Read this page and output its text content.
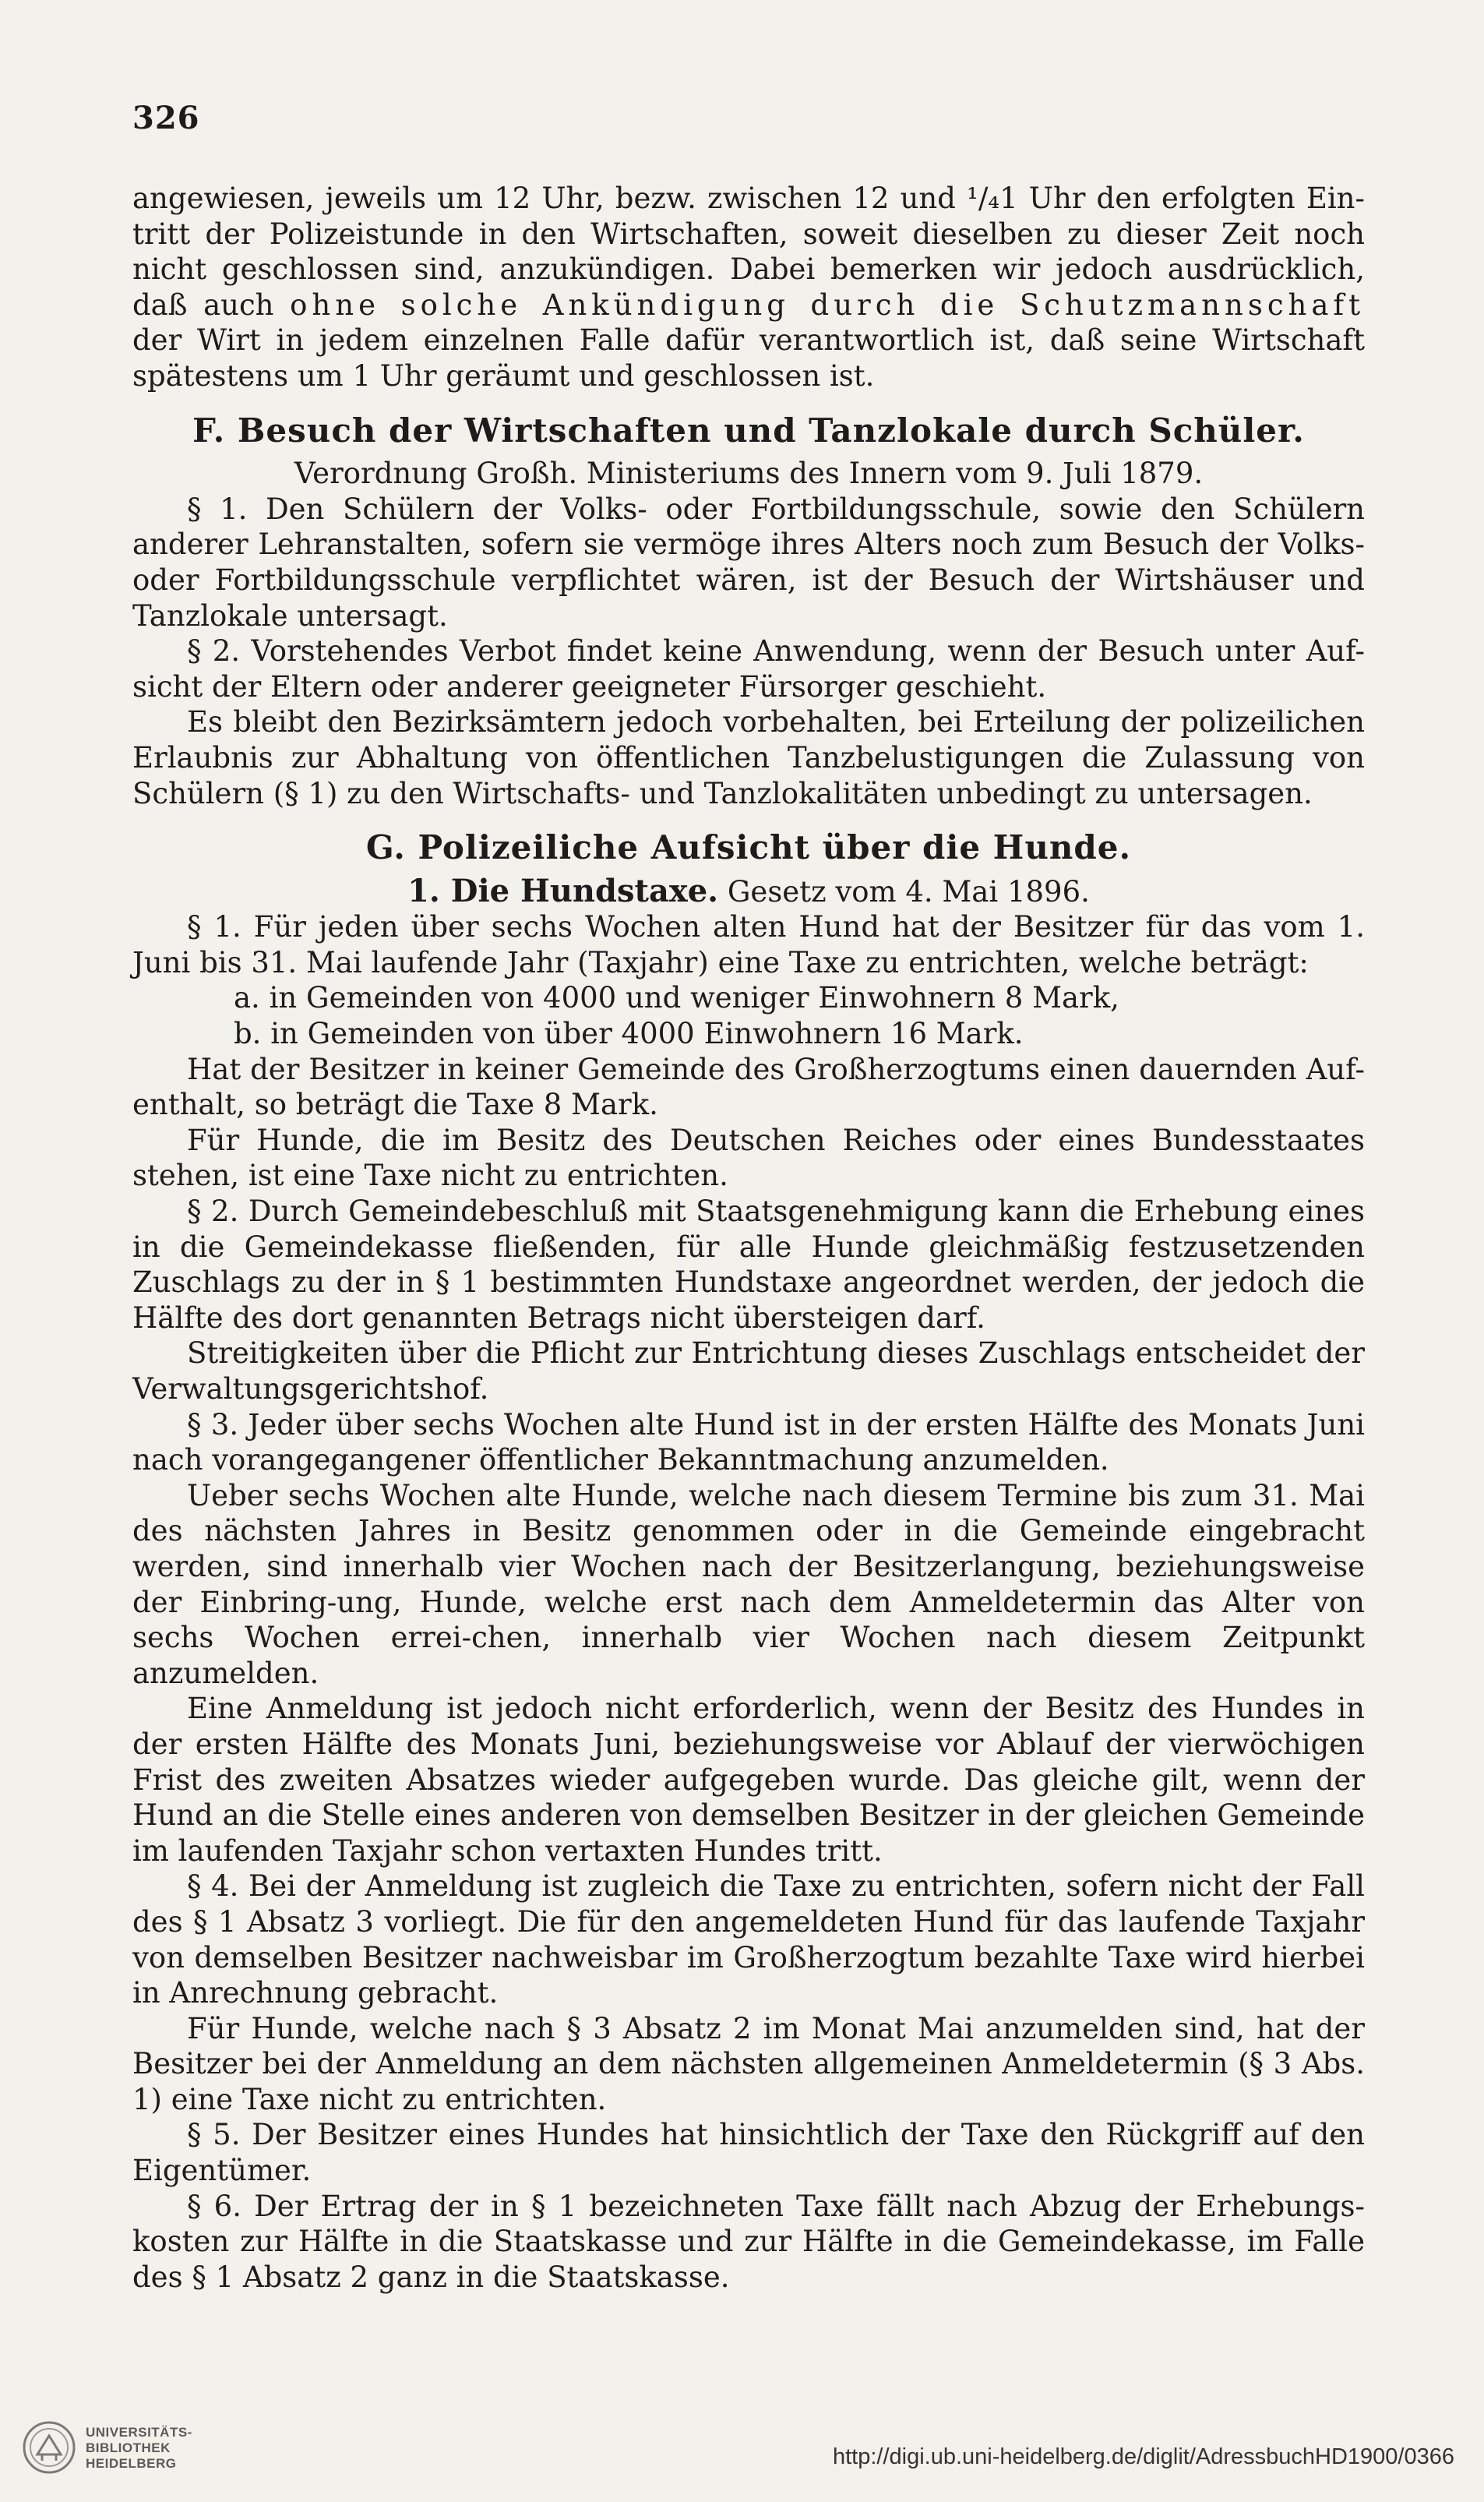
326

angewiesen, jeweils um 12 Uhr, bezw. zwischen 12 und ¹/₄1 Uhr den erfolgten Ein-tritt der Polizeistunde in den Wirtschaften, soweit dieselben zu dieser Zeit noch nicht geschlossen sind, anzukündigen. Dabei bemerken wir jedoch ausdrücklich, daß auch ohne solche Ankündigung durch die Schutzmannschaft der Wirt in jedem einzelnen Falle dafür verantwortlich ist, daß seine Wirtschaft spätestens um 1 Uhr geräumt und geschlossen ist.

F. Besuch der Wirtschaften und Tanzlokale durch Schüler.

Verordnung Großh. Ministeriums des Innern vom 9. Juli 1879.

§ 1. Den Schülern der Volks- oder Fortbildungsschule, sowie den Schülern anderer Lehranstalten, sofern sie vermöge ihres Alters noch zum Besuch der Volks- oder Fortbildungsschule verpflichtet wären, ist der Besuch der Wirtshäuser und Tanzlokale untersagt.

§ 2. Vorstehendes Verbot findet keine Anwendung, wenn der Besuch unter Auf-sicht der Eltern oder anderer geeigneter Fürsorger geschieht.

Es bleibt den Bezirksämtern jedoch vorbehalten, bei Erteilung der polizeilichen Erlaubnis zur Abhaltung von öffentlichen Tanzbelustigungen die Zulassung von Schülern (§ 1) zu den Wirtschafts- und Tanzlokalitäten unbedingt zu untersagen.

G. Polizeiliche Aufsicht über die Hunde.

1. Die Hundstaxe. Gesetz vom 4. Mai 1896.

§ 1. Für jeden über sechs Wochen alten Hund hat der Besitzer für das vom 1. Juni bis 31. Mai laufende Jahr (Taxjahr) eine Taxe zu entrichten, welche beträgt:

a. in Gemeinden von 4000 und weniger Einwohnern 8 Mark,

b. in Gemeinden von über 4000 Einwohnern 16 Mark.

Hat der Besitzer in keiner Gemeinde des Großherzogtums einen dauernden Auf-enthalt, so beträgt die Taxe 8 Mark.

Für Hunde, die im Besitz des Deutschen Reiches oder eines Bundesstaates stehen, ist eine Taxe nicht zu entrichten.

§ 2. Durch Gemeindebeschluß mit Staatsgenehmigung kann die Erhebung eines in die Gemeindekasse fließenden, für alle Hunde gleichmäßig festzusetzenden Zuschlags zu der in § 1 bestimmten Hundstaxe angeordnet werden, der jedoch die Hälfte des dort genannten Betrags nicht übersteigen darf.

Streitigkeiten über die Pflicht zur Entrichtung dieses Zuschlags entscheidet der Verwaltungsgerichtshof.

§ 3. Jeder über sechs Wochen alte Hund ist in der ersten Hälfte des Monats Juni nach vorangegangener öffentlicher Bekanntmachung anzumelden.

Ueber sechs Wochen alte Hunde, welche nach diesem Termine bis zum 31. Mai des nächsten Jahres in Besitz genommen oder in die Gemeinde eingebracht werden, sind innerhalb vier Wochen nach der Besitzerlangung, beziehungsweise der Einbring-ung, Hunde, welche erst nach dem Anmeldetermin das Alter von sechs Wochen errei-chen, innerhalb vier Wochen nach diesem Zeitpunkt anzumelden.

Eine Anmeldung ist jedoch nicht erforderlich, wenn der Besitz des Hundes in der ersten Hälfte des Monats Juni, beziehungsweise vor Ablauf der vierwöchigen Frist des zweiten Absatzes wieder aufgegeben wurde. Das gleiche gilt, wenn der Hund an die Stelle eines anderen von demselben Besitzer in der gleichen Gemeinde im laufenden Taxjahr schon vertaxten Hundes tritt.

§ 4. Bei der Anmeldung ist zugleich die Taxe zu entrichten, sofern nicht der Fall des § 1 Absatz 3 vorliegt. Die für den angemeldeten Hund für das laufende Taxjahr von demselben Besitzer nachweisbar im Großherzogtum bezahlte Taxe wird hierbei in Anrechnung gebracht.

Für Hunde, welche nach § 3 Absatz 2 im Monat Mai anzumelden sind, hat der Besitzer bei der Anmeldung an dem nächsten allgemeinen Anmeldetermin (§ 3 Abs. 1) eine Taxe nicht zu entrichten.

§ 5. Der Besitzer eines Hundes hat hinsichtlich der Taxe den Rückgriff auf den Eigentümer.

§ 6. Der Ertrag der in § 1 bezeichneten Taxe fällt nach Abzug der Erhebungs-kosten zur Hälfte in die Staatskasse und zur Hälfte in die Gemeindekasse, im Falle des § 1 Absatz 2 ganz in die Staatskasse.

UNIVERSITÄTS-
BIBLIOTHEK
HEIDELBERG	http://digi.ub.uni-heidelberg.de/diglit/AdressbuchHD1900/0366
